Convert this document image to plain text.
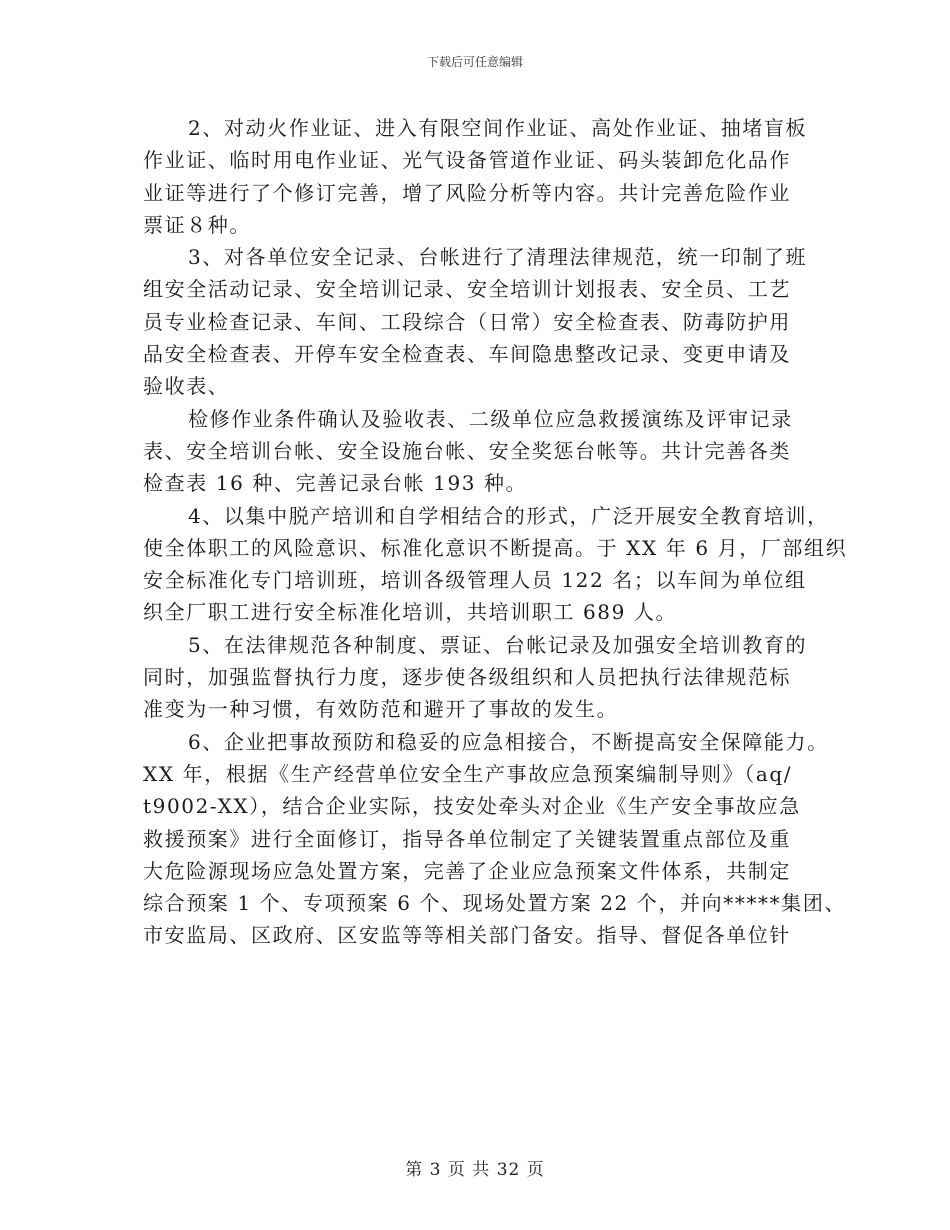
下载后可任意编辑
2、对动火作业证、进入有限空间作业证、高处作业证、抽堵盲板
作业证、临时用电作业证、光气设备管道作业证、码头装卸危化品作
业证等进行了个修订完善，增了风险分析等内容。共计完善危险作业
票证８种。
3、对各单位安全记录、台帐进行了清理法律规范，统一印制了班
组安全活动记录、安全培训记录、安全培训计划报表、安全员、工艺
员专业检查记录、车间、工段综合（日常）安全检查表、防毒防护用
品安全检查表、开停车安全检查表、车间隐患整改记录、变更申请及
验收表、
检修作业条件确认及验收表、二级单位应急救援演练及评审记录
表、安全培训台帐、安全设施台帐、安全奖惩台帐等。共计完善各类
检查表 16 种、完善记录台帐 193 种。
4、以集中脱产培训和自学相结合的形式，广泛开展安全教育培训，
使全体职工的风险意识、标准化意识不断提高。于 XX 年 6 月，厂部组织
安全标准化专门培训班，培训各级管理人员 122 名；以车间为单位组
织全厂职工进行安全标准化培训，共培训职工 689 人。
5、在法律规范各种制度、票证、台帐记录及加强安全培训教育的
同时，加强监督执行力度，逐步使各级组织和人员把执行法律规范标
准变为一种习惯，有效防范和避开了事故的发生。
6、企业把事故预防和稳妥的应急相接合，不断提高安全保障能力。
XX 年，根据《生产经营单位安全生产事故应急预案编制导则》（aq/
t9002-XX），结合企业实际，技安处牵头对企业《生产安全事故应急
救援预案》进行全面修订，指导各单位制定了关键装置重点部位及重
大危险源现场应急处置方案，完善了企业应急预案文件体系，共制定
综合预案 1 个、专项预案 6 个、现场处置方案 22 个，并向*****集团、
市安监局、区政府、区安监等等相关部门备安。指导、督促各单位针
第 3 页 共 32 页
